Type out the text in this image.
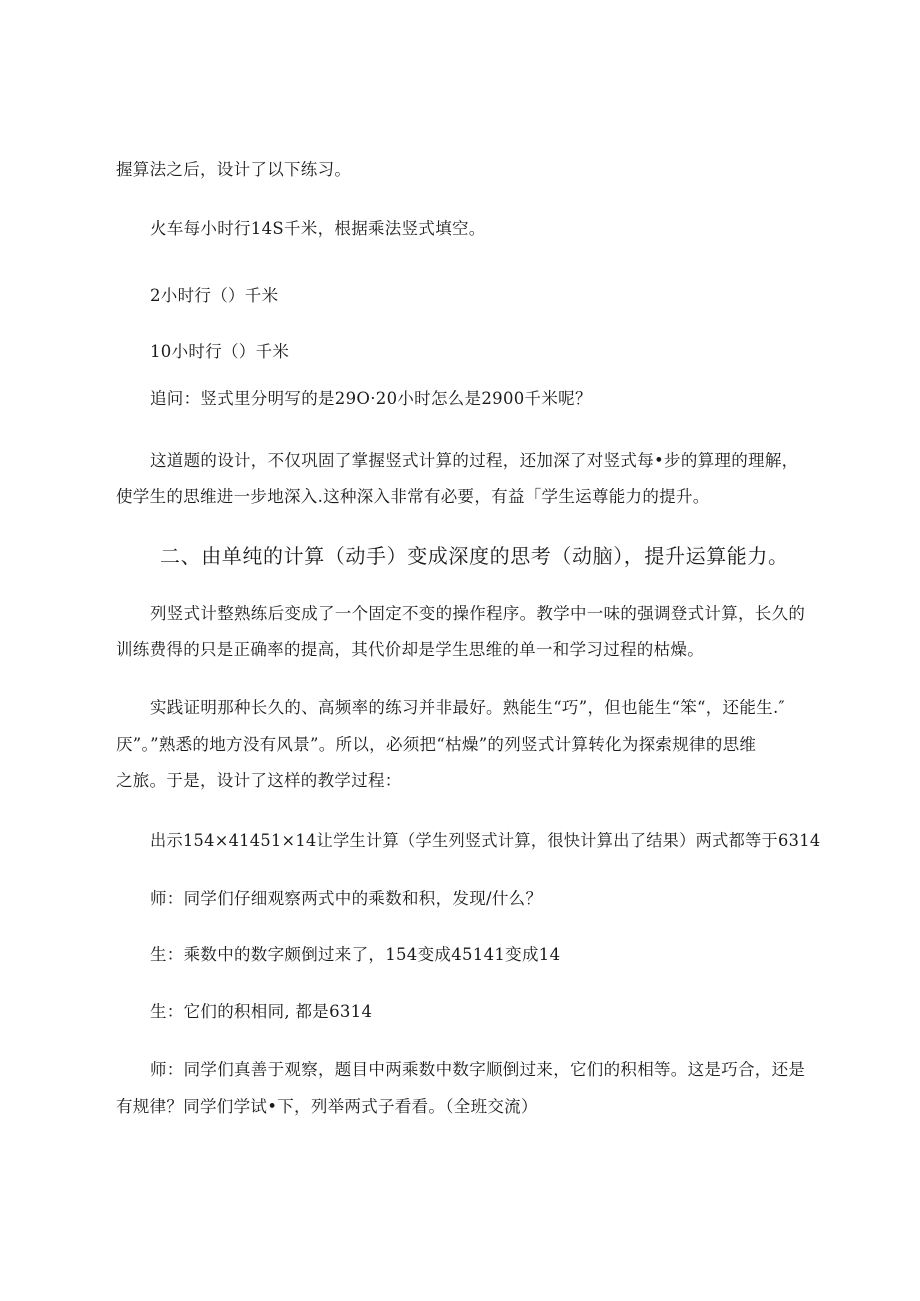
握算法之后，设计了以下练习。
火车每小时行14S千米，根据乘法竖式填空。
2小时行（）千米
10小时行（）千米
追问：竖式里分明写的是29O·20小时怎么是2900千米呢？
这道题的设计，不仅巩固了掌握竖式计算的过程，还加深了对竖式每•步的算理的理解，
使学生的思维进一步地深入.这种深入非常有必要，有益「学生运尊能力的提升。
二、由单纯的计算（动手）变成深度的思考（动脑），提升运算能力。
列竖式计整熟练后变成了一个固定不变的操作程序。教学中一味的强调登式计算，长久的
训练费得的只是正确率的提高，其代价却是学生思维的单一和学习过程的枯燥。
实践证明那种长久的、高频率的练习并非最好。熟能生“巧”，但也能生“笨“，还能生.″
厌”。”熟悉的地方没有风景”。所以，必须把“枯燥”的列竖式计算转化为探索规律的思维
之旅。于是，设计了这样的教学过程：
出示154×41451×14让学生计算（学生列竖式计算，很快计算出了结果）两式都等于6314
师：同学们仔细观察两式中的乘数和积，发现/什么？
生：乘数中的数字颇倒过来了，154变成45141变成14
生：它们的积相同, 都是6314
师：同学们真善于观察，题目中两乘数中数字顺倒过来，它们的积相等。这是巧合，还是
有规律？同学们学试•下，列举两式子看看。（全班交流）
